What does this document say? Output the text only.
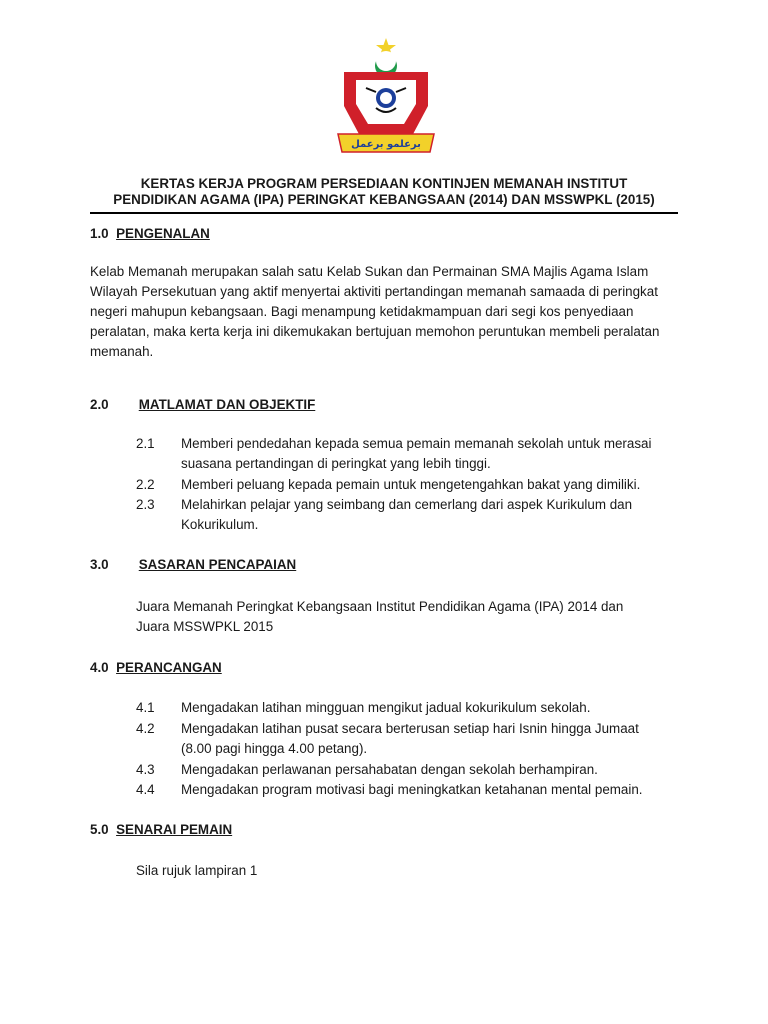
برعلمو برعمل
KERTAS KERJA PROGRAM PERSEDIAAN KONTINJEN MEMANAH INSTITUT
PENDIDIKAN AGAMA (IPA) PERINGKAT KEBANGSAAN (2014) DAN MSSWPKL (2015)
1.0 PENGENALAN
Kelab Memanah merupakan salah satu Kelab Sukan dan Permainan SMA Majlis Agama Islam
Wilayah Persekutuan yang aktif menyertai aktiviti pertandingan memanah samaada di peringkat
negeri mahupun kebangsaan. Bagi menampung ketidakmampuan dari segi kos penyediaan
peralatan, maka kerta kerja ini dikemukakan bertujuan memohon peruntukan membeli peralatan
memanah.
2.0 MATLAMAT DAN OBJEKTIF
2.1 Memberi pendedahan kepada semua pemain memanah sekolah untuk merasai
suasana pertandingan di peringkat yang lebih tinggi.
2.2 Memberi peluang kepada pemain untuk mengetengahkan bakat yang dimiliki.
2.3 Melahirkan pelajar yang seimbang dan cemerlang dari aspek Kurikulum dan
Kokurikulum.
3.0 SASARAN PENCAPAIAN
Juara Memanah Peringkat Kebangsaan Institut Pendidikan Agama (IPA) 2014 dan
Juara MSSWPKL 2015
4.0 PERANCANGAN
4.1 Mengadakan latihan mingguan mengikut jadual kokurikulum sekolah.
4.2 Mengadakan latihan pusat secara berterusan setiap hari Isnin hingga Jumaat
(8.00 pagi hingga 4.00 petang).
4.3 Mengadakan perlawanan persahabatan dengan sekolah berhampiran.
4.4 Mengadakan program motivasi bagi meningkatkan ketahanan mental pemain.
5.0 SENARAI PEMAIN
Sila rujuk lampiran 1
